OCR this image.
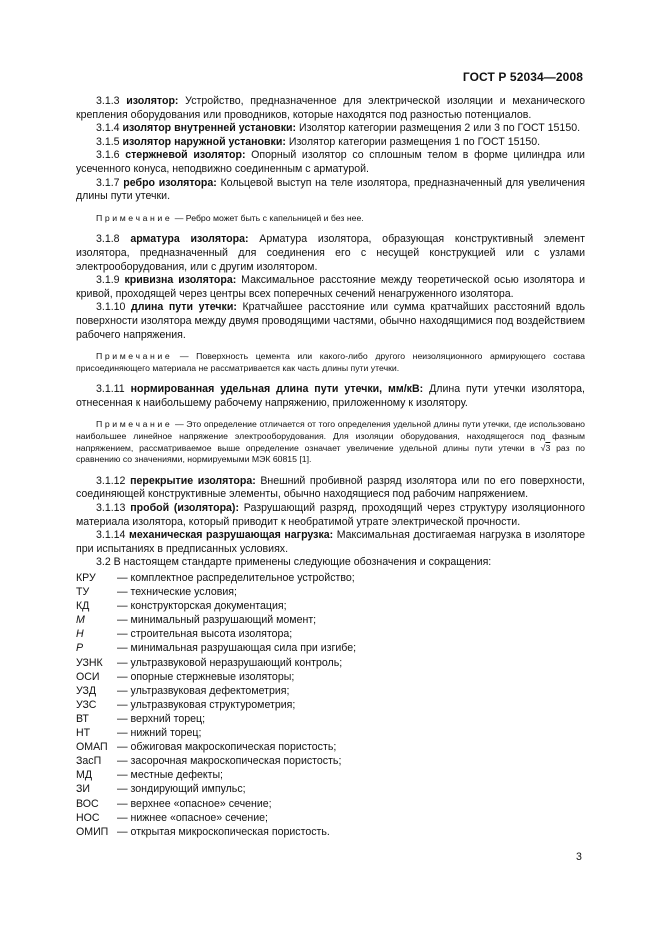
ГОСТ Р 52034—2008

3.1.3 изолятор: Устройство, предназначенное для электрической изоляции и механического крепления оборудования или проводников, которые находятся под разностью потенциалов.

3.1.4 изолятор внутренней установки: Изолятор категории размещения 2 или 3 по ГОСТ 15150.

3.1.5 изолятор наружной установки: Изолятор категории размещения 1 по ГОСТ 15150.

3.1.6 стержневой изолятор: Опорный изолятор со сплошным телом в форме цилиндра или усеченного конуса, неподвижно соединенным с арматурой.

3.1.7 ребро изолятора: Кольцевой выступ на теле изолятора, предназначенный для увеличения длины пути утечки.

Примечание — Ребро может быть с капельницей и без нее.

3.1.8 арматура изолятора: Арматура изолятора, образующая конструктивный элемент изолятора, предназначенный для соединения его с несущей конструкцией или с узлами электрооборудования, или с другим изолятором.

3.1.9 кривизна изолятора: Максимальное расстояние между теоретической осью изолятора и кривой, проходящей через центры всех поперечных сечений ненагруженного изолятора.

3.1.10 длина пути утечки: Кратчайшее расстояние или сумма кратчайших расстояний вдоль поверхности изолятора между двумя проводящими частями, обычно находящимися под воздействием рабочего напряжения.

Примечание — Поверхность цемента или какого-либо другого неизоляционного армирующего состава присоединяющего материала не рассматривается как часть длины пути утечки.

3.1.11 нормированная удельная длина пути утечки, мм/кВ: Длина пути утечки изолятора, отнесенная к наибольшему рабочему напряжению, приложенному к изолятору.

Примечание — Это определение отличается от того определения удельной длины пути утечки, где использовано наибольшее линейное напряжение электрооборудования. Для изоляции оборудования, находящегося под фазным напряжением, рассматриваемое выше определение означает увеличение удельной длины пути утечки в √3 раз по сравнению со значениями, нормируемыми МЭК 60815 [1].

3.1.12 перекрытие изолятора: Внешний пробивной разряд изолятора или по его поверхности, соединяющей конструктивные элементы, обычно находящиеся под рабочим напряжением.

3.1.13 пробой (изолятора): Разрушающий разряд, проходящий через структуру изоляционного материала изолятора, который приводит к необратимой утрате электрической прочности.

3.1.14 механическая разрушающая нагрузка: Максимальная достигаемая нагрузка в изоляторе при испытаниях в предписанных условиях.

3.2 В настоящем стандарте применены следующие обозначения и сокращения:

КРУ	— комплектное распределительное устройство;
ТУ	— технические условия;
КД	— конструкторская документация;
M	— минимальный разрушающий момент;
H	— строительная высота изолятора;
P	— минимальная разрушающая сила при изгибе;
УЗНК	— ультразвуковой неразрушающий контроль;
ОСИ	— опорные стержневые изоляторы;
УЗД	— ультразвуковая дефектометрия;
УЗС	— ультразвуковая структурометрия;
ВТ	— верхний торец;
НТ	— нижний торец;
ОМАП — обжиговая макроскопическая пористость;
ЗасП	— засорочная макроскопическая пористость;
МД	— местные дефекты;
ЗИ	— зондирующий импульс;
ВОС	— верхнее «опасное» сечение;
НОС	— нижнее «опасное» сечение;
ОМИП — открытая микроскопическая пористость.
3
